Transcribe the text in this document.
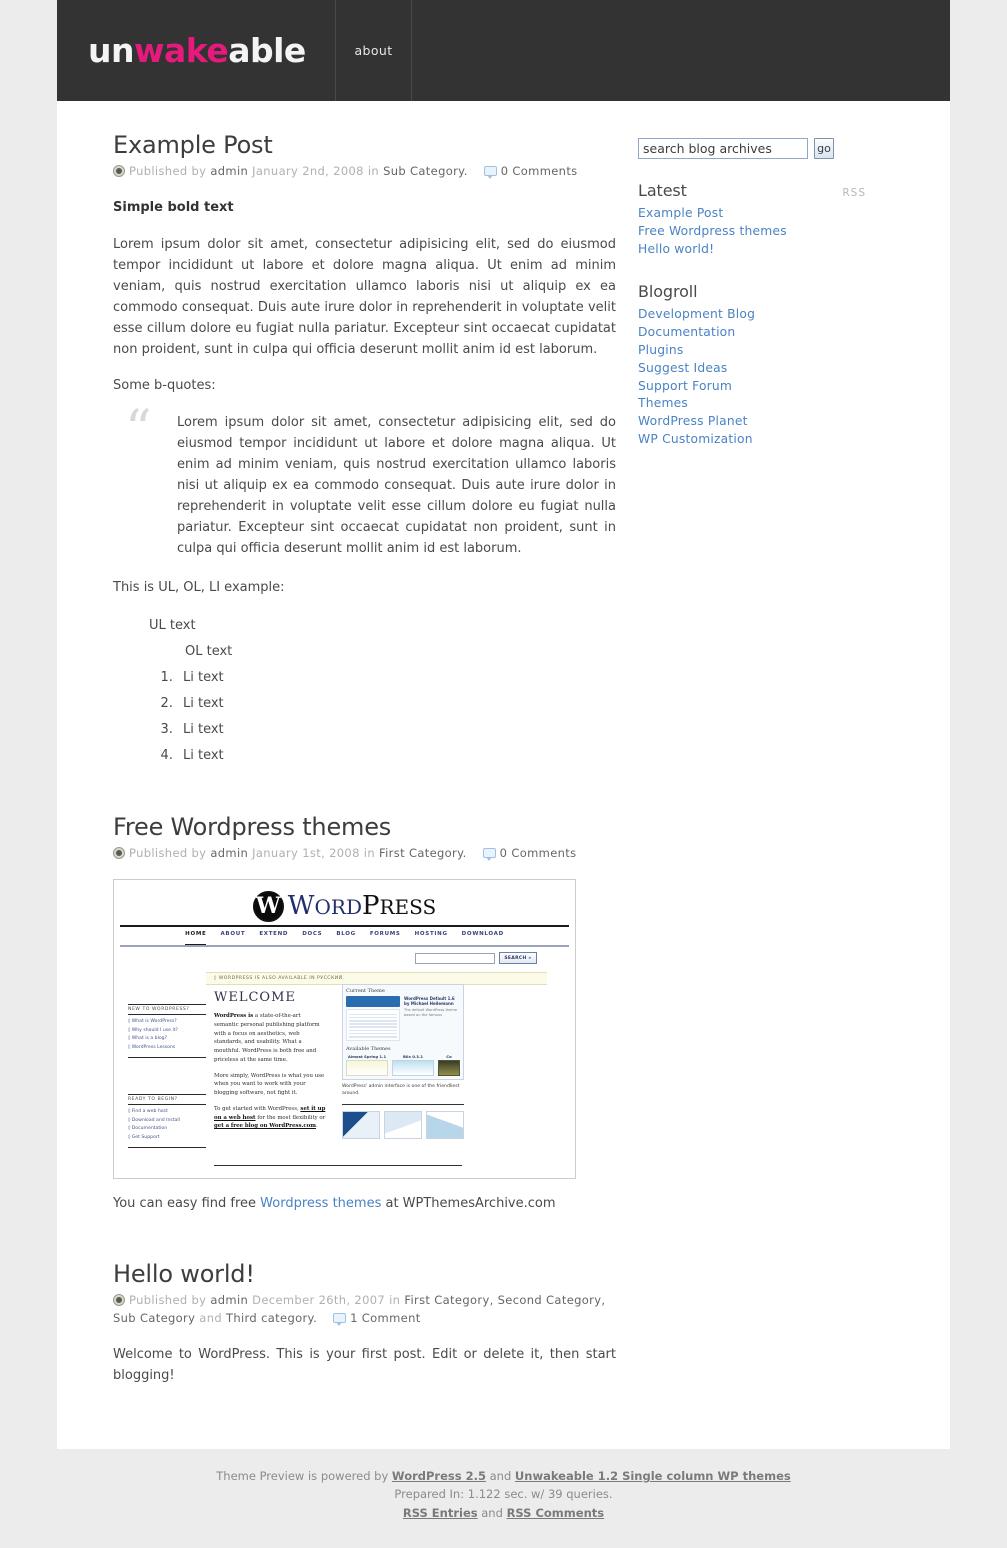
unwakeable	about
Example Post
Published by admin January 2nd, 2008 in Sub Category.	0 Comments

Simple bold text

Lorem ipsum dolor sit amet, consectetur adipisicing elit, sed do eiusmod tempor incididunt ut labore et dolore magna aliqua. Ut enim ad minim veniam, quis nostrud exercitation ullamco laboris nisi ut aliquip ex ea commodo consequat. Duis aute irure dolor in reprehenderit in voluptate velit esse cillum dolore eu fugiat nulla pariatur. Excepteur sint occaecat cupidatat non proident, sunt in culpa qui officia deserunt mollit anim id est laborum.

Some b-quotes:

“ Lorem ipsum dolor sit amet, consectetur adipisicing elit, sed do eiusmod tempor incididunt ut labore et dolore magna aliqua. Ut enim ad minim veniam, quis nostrud exercitation ullamco laboris nisi ut aliquip ex ea commodo consequat. Duis aute irure dolor in reprehenderit in voluptate velit esse cillum dolore eu fugiat nulla pariatur. Excepteur sint occaecat cupidatat non proident, sunt in culpa qui officia deserunt mollit anim id est laborum.

This is UL, OL, LI example:

UL text
OL text
1. Li text
2. Li text
3. Li text
4. Li text
Free Wordpress themes
Published by admin January 1st, 2008 in First Category.	0 Comments
W WORDPRESS
HOME	ABOUT	EXTEND	DOCS	BLOG	FORUMS	HOSTING	DOWNLOAD
SEARCH »
◊ WORDPRESS IS ALSO AVAILABLE IN РУССКИЙ.
NEW TO WORDPRESS?
◊ What is WordPress?
◊ Why should I use it?
◊ What is a blog?
◊ WordPress Lessons
READY TO BEGIN?
◊ Find a web host
◊ Download and Install
◊ Documentation
◊ Get Support
WELCOME
WordPress is a state-of-the-art semantic personal publishing platform with a focus on aesthetics, web standards, and usability. What a mouthful. WordPress is both free and priceless at the same time.
More simply, WordPress is what you use when you want to work with your blogging software, not fight it.
To get started with WordPress, set it up on a web host for the most flexibility or get a free blog on WordPress.com.
Current Theme
WordPress Default 1.6 by Michael Heilemann
The default WordPress theme based on the famous
Available Themes
Almost Spring 1.1	Blix 0.3.1	Co
WordPress' admin interface is one of the friendliest around.

You can easy find free Wordpress themes at WPThemesArchive.com

Hello world!
Published by admin December 26th, 2007 in First Category, Second Category, Sub Category and Third category.	1 Comment

Welcome to WordPress. This is your first post. Edit or delete it, then start blogging!

search blog archives
go
Latest	RSS
Example Post
Free Wordpress themes
Hello world!
Blogroll
Development Blog
Documentation
Plugins
Suggest Ideas
Support Forum
Themes
WordPress Planet
WP Customization
Theme Preview is powered by WordPress 2.5 and Unwakeable 1.2 Single column WP themes
Prepared In: 1.122 sec. w/ 39 queries.
RSS Entries and RSS Comments
